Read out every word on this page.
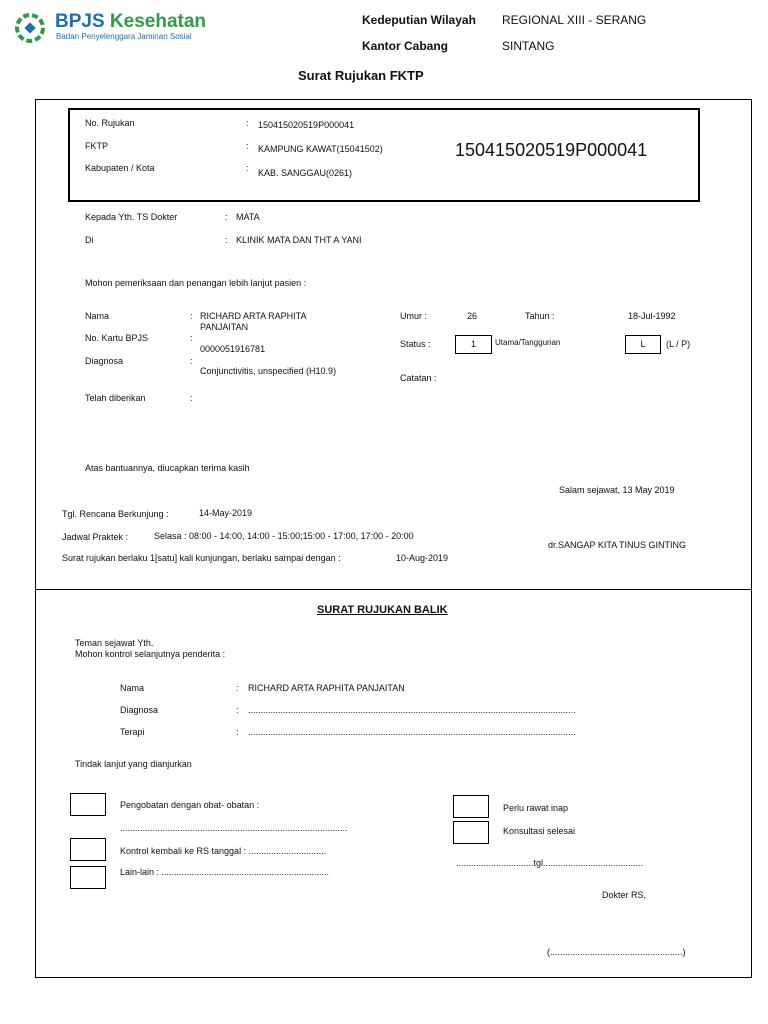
BPJS Kesehatan
Badan Penyelenggara Jaminan Sosial
Kedeputian Wilayah REGIONAL XIII - SERANG
Kantor Cabang	SINTANG
Surat Rujukan FKTP
No. Rujukan	: 150415020519P000041
FKTP	: KAMPUNG KAWAT(15041502)
Kabupaten / Kota	: KAB. SANGGAU(0261)
150415020519P000041
Kepada Yth. TS Dokter	: MATA
Di	: KLINIK MATA DAN THT A YANI
Mohon pemeriksaan dan penangan lebih lanjut pasien :
Nama	: RICHARD ARTA RAPHITA
PANJAITAN
No. Kartu BPJS	:
0000051916781
Diagnosa	:
Conjunctivitis, unspecified (H10.9)
Telah diberikan	:
Umur :	26	Tahun :	18-Jul-1992
Status :	1	Utama/Tanggunan	L	(L / P)
Catatan :
Atas bantuannya, diucapkan terima kasih
Salam sejawat, 13 May 2019
Tgl. Rencana Berkunjung :	14-May-2019
Jadwal Praktek :	Selasa : 08:00 - 14:00, 14:00 - 15:00;15:00 - 17:00, 17:00 - 20:00
dr.SANGAP KITA TINUS GINTING
Surat rujukan berlaku 1[satu] kali kunjungan, berlaku sampai dengan :	10-Aug-2019
SURAT RUJUKAN BALIK
Teman sejawat Yth.
Mohon kontrol selanjutnya penderita :
Nama	: RICHARD ARTA RAPHITA PANJAITAN
Diagnosa	: ...................................................................................................................................
Terapi	: ...................................................................................................................................
Tindak lanjut yang dianjurkan
Pengobatan dengan obat- obatan :
...........................................................................................
Kontrol kembali ke RS tanggal : ...............................
Lain-lain : ...................................................................
Perlu rawat inap
Konsultasi selesai
...............................tgl........................................
Dokter RS,
(.....................................................)
